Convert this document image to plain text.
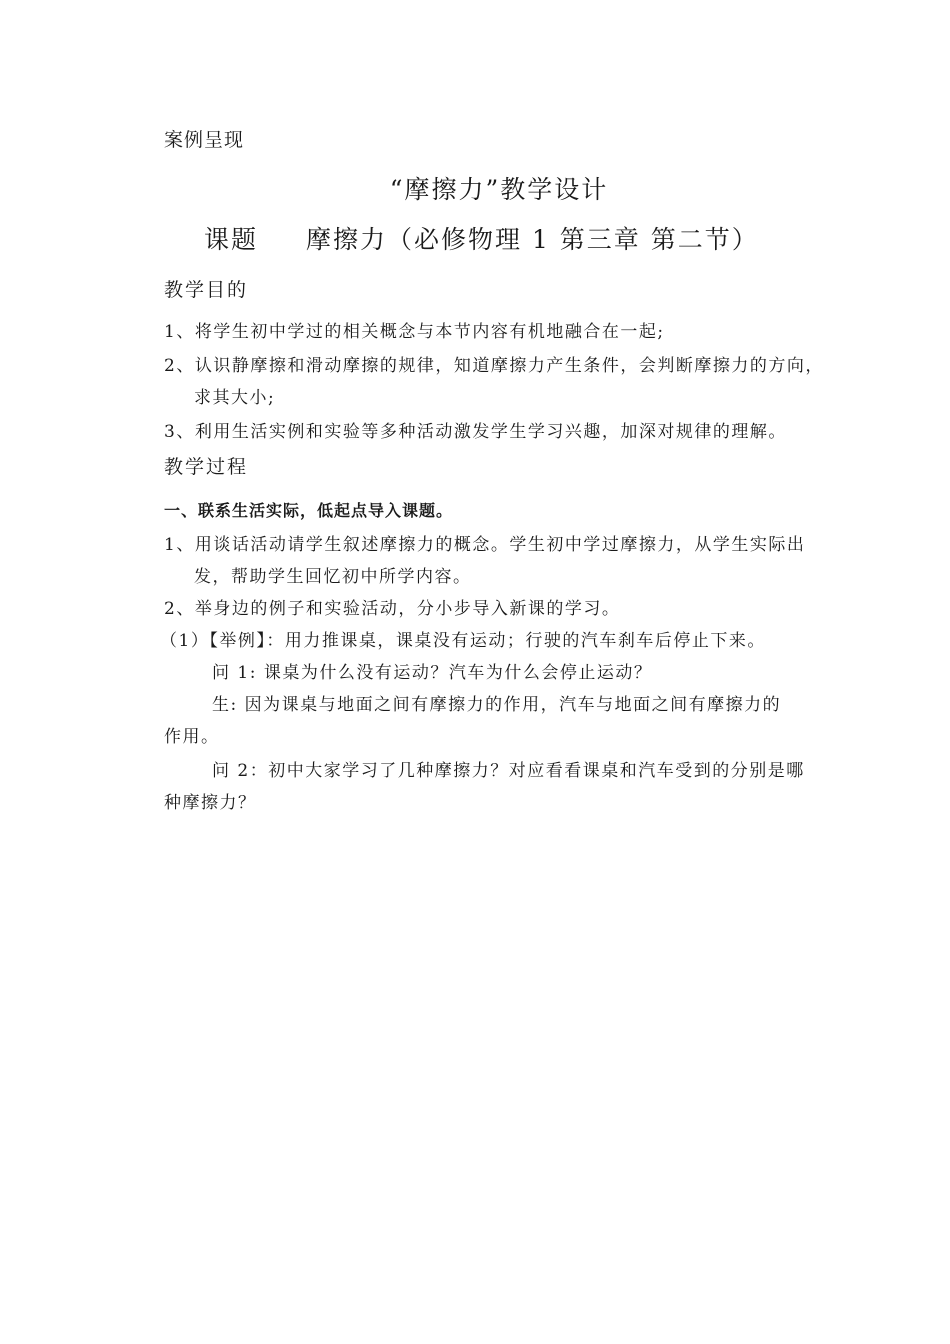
案例呈现
“摩擦力”教学设计
课题 摩擦力（必修物理 1 第三章 第二节）
教学目的
1、将学生初中学过的相关概念与本节内容有机地融合在一起;
2、认识静摩擦和滑动摩擦的规律，知道摩擦力产生条件，会判断摩擦力的方向，
求其大小;
3、利用生活实例和实验等多种活动激发学生学习兴趣，加深对规律的理解。
教学过程
一、联系生活实际，低起点导入课题。
1、用谈话活动请学生叙述摩擦力的概念。学生初中学过摩擦力，从学生实际出
发，帮助学生回忆初中所学内容。
2、举身边的例子和实验活动，分小步导入新课的学习。
（1）【举例】：用力推课桌，课桌没有运动；行驶的汽车刹车后停止下来。
问 1: 课桌为什么没有运动？汽车为什么会停止运动？
生: 因为课桌与地面之间有摩擦力的作用，汽车与地面之间有摩擦力的
作用。
问 2：初中大家学习了几种摩擦力？对应看看课桌和汽车受到的分别是哪
种摩擦力？
